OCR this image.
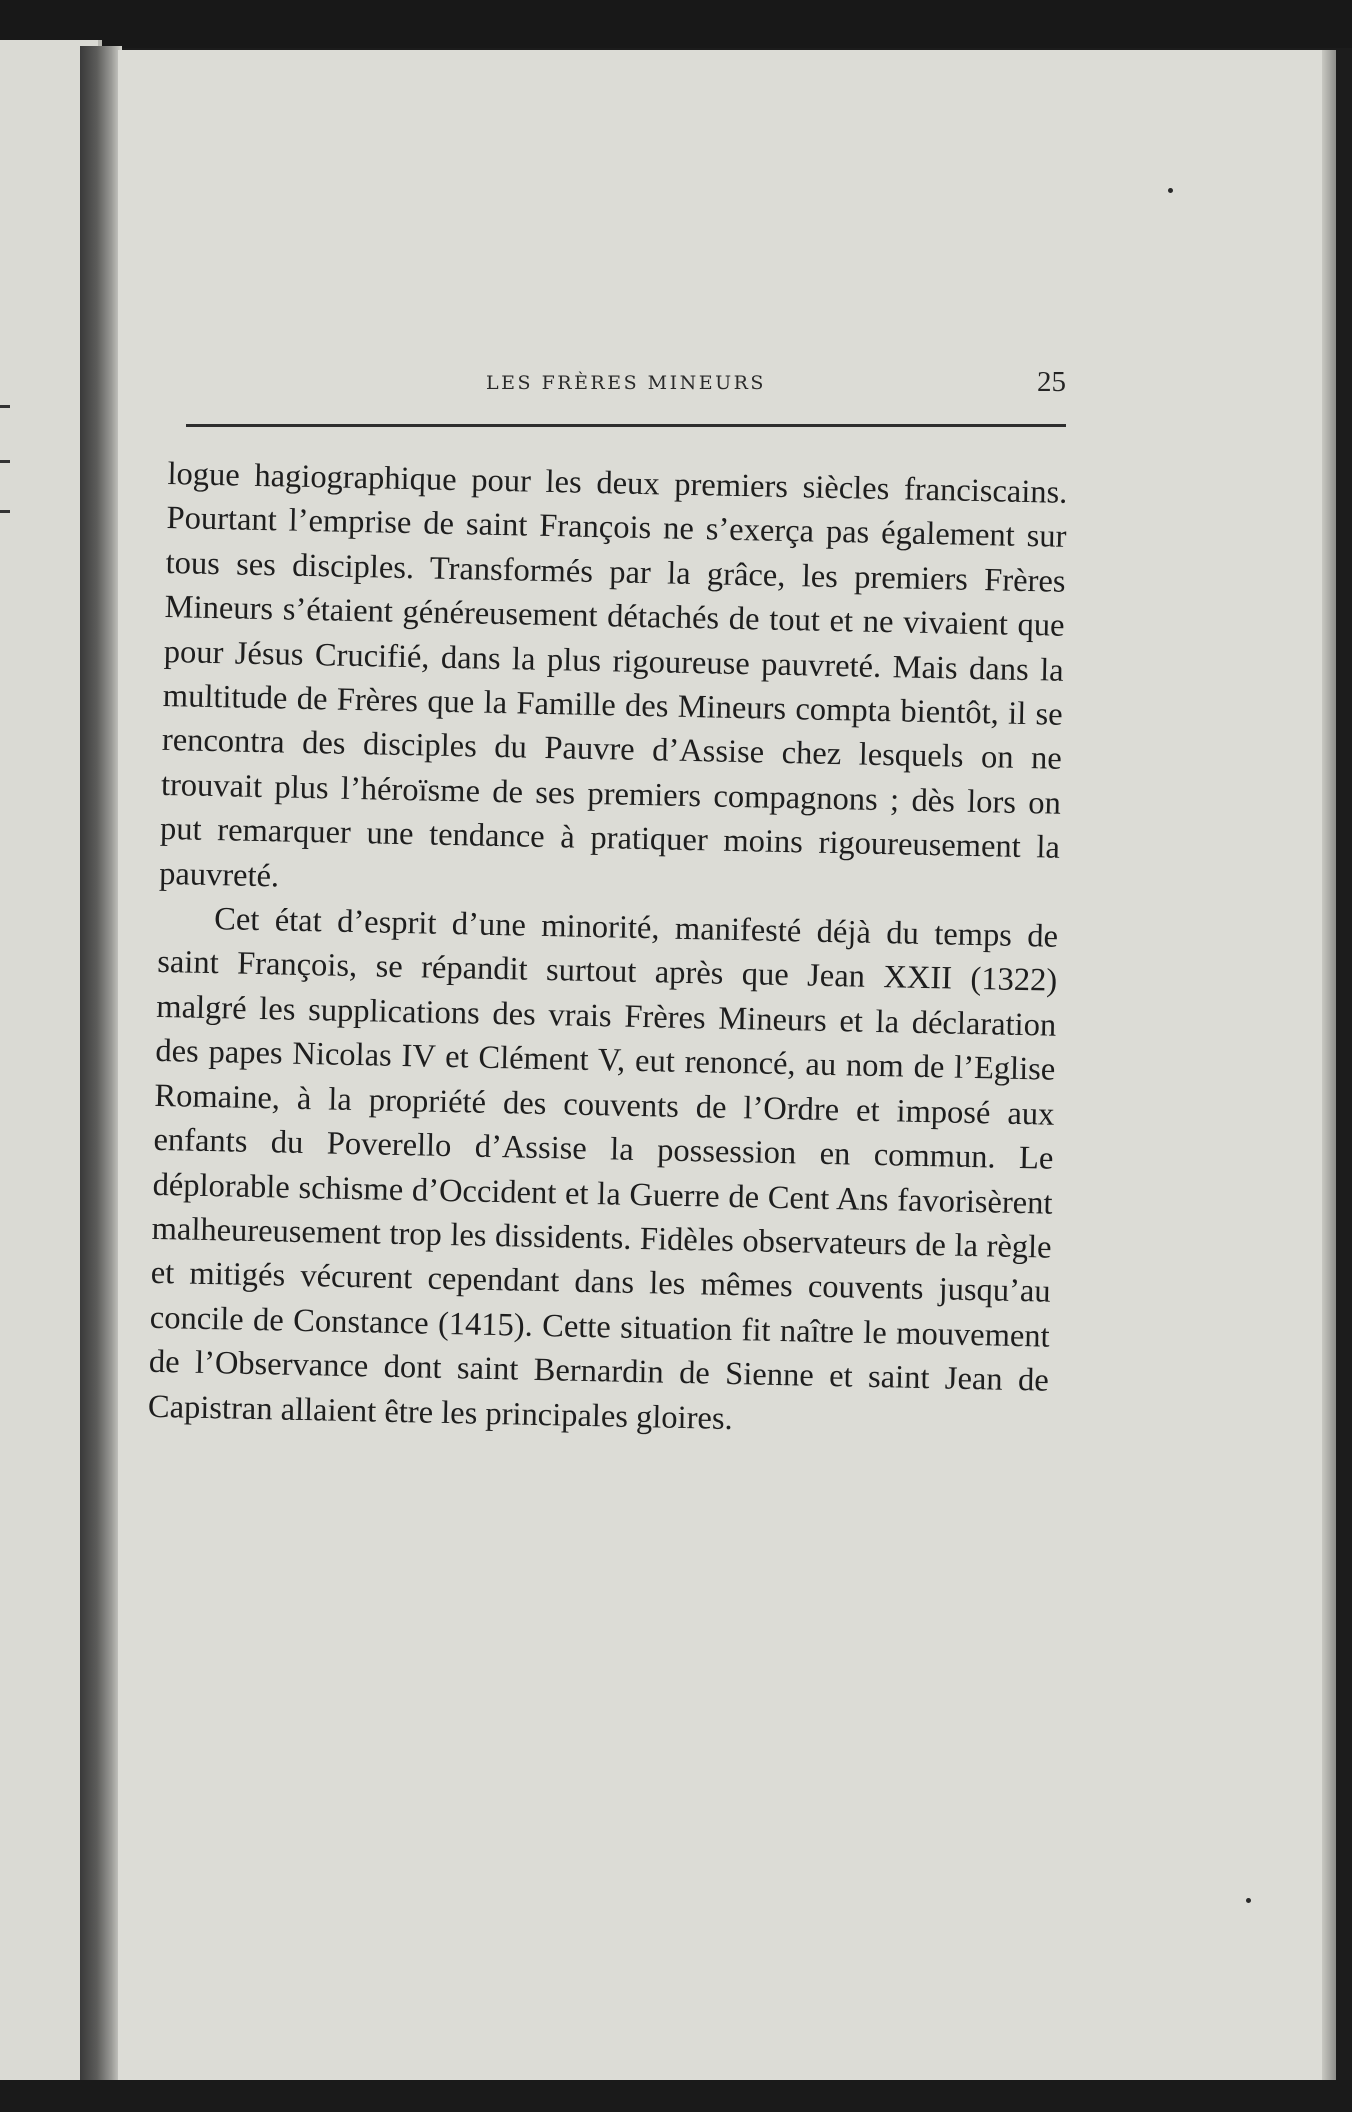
LES FRÈRES MINEURS	25

logue hagiographique pour les deux premiers siècles franciscains. Pourtant l’emprise de saint François ne s’exerça pas également sur tous ses disciples. Transformés par la grâce, les premiers Frères Mineurs s’étaient généreusement détachés de tout et ne vivaient que pour Jésus Crucifié, dans la plus rigoureuse pauvreté. Mais dans la multitude de Frères que la Famille des Mineurs compta bientôt, il se rencontra des disciples du Pauvre d’Assise chez lesquels on ne trouvait plus l’héroïsme de ses premiers compagnons ; dès lors on put remarquer une tendance à pratiquer moins rigoureusement la pauvreté.

Cet état d’esprit d’une minorité, manifesté déjà du temps de saint François, se répandit surtout après que Jean XXII (1322) malgré les supplications des vrais Frères Mineurs et la déclaration des papes Nicolas IV et Clément V, eut renoncé, au nom de l’Eglise Romaine, à la propriété des couvents de l’Ordre et imposé aux enfants du Poverello d’Assise la possession en commun. Le déplorable schisme d’Occident et la Guerre de Cent Ans favorisèrent malheureusement trop les dissidents. Fidèles observateurs de la règle et mitigés vécurent cependant dans les mêmes couvents jusqu’au concile de Constance (1415). Cette situation fit naître le mouvement de l’Observance dont saint Bernardin de Sienne et saint Jean de Capistran allaient être les principales gloires.
